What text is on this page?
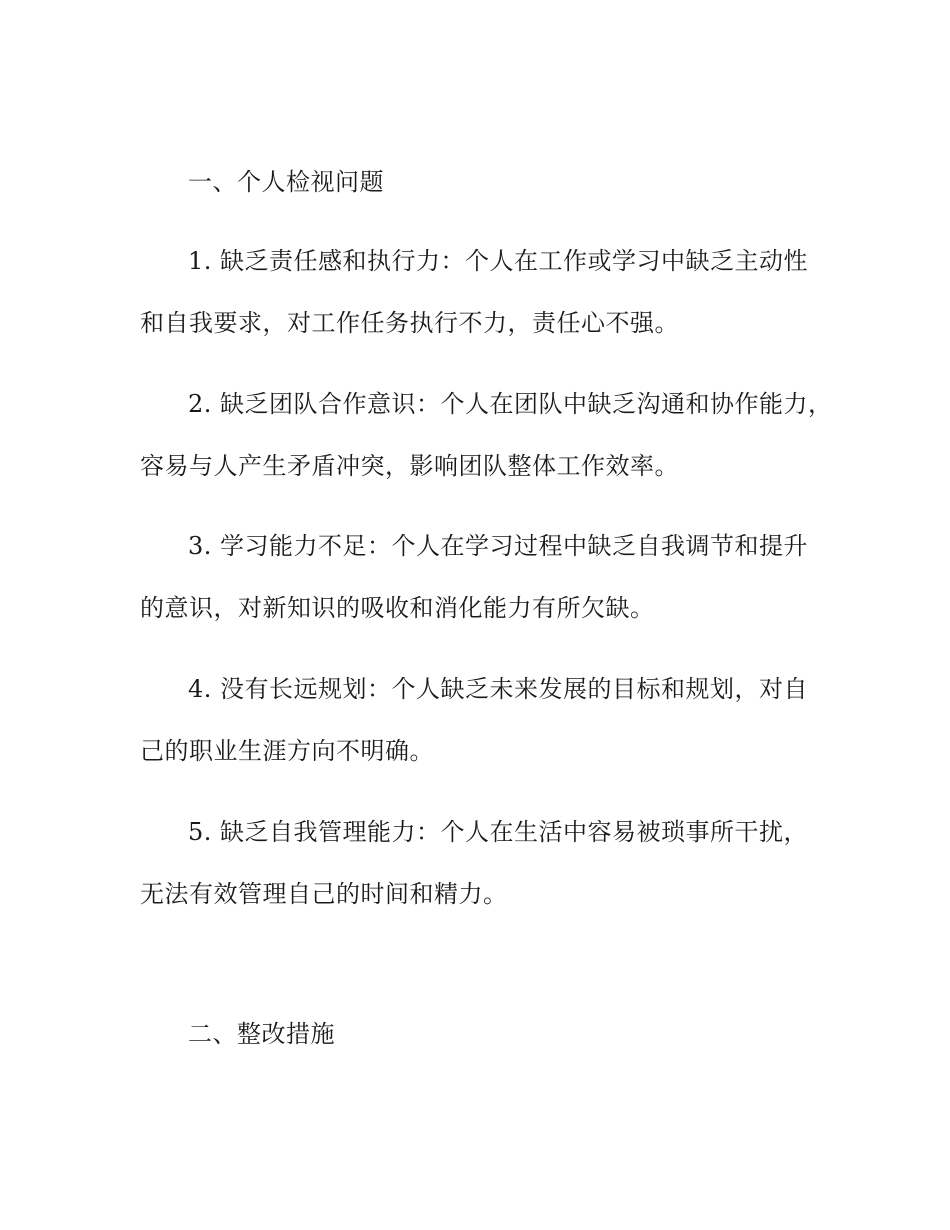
一、个人检视问题
1. 缺乏责任感和执行力：个人在工作或学习中缺乏主动性
和自我要求，对工作任务执行不力，责任心不强。
2. 缺乏团队合作意识：个人在团队中缺乏沟通和协作能力，
容易与人产生矛盾冲突，影响团队整体工作效率。
3. 学习能力不足：个人在学习过程中缺乏自我调节和提升
的意识，对新知识的吸收和消化能力有所欠缺。
4. 没有长远规划：个人缺乏未来发展的目标和规划，对自
己的职业生涯方向不明确。
5. 缺乏自我管理能力：个人在生活中容易被琐事所干扰，
无法有效管理自己的时间和精力。
二、整改措施
